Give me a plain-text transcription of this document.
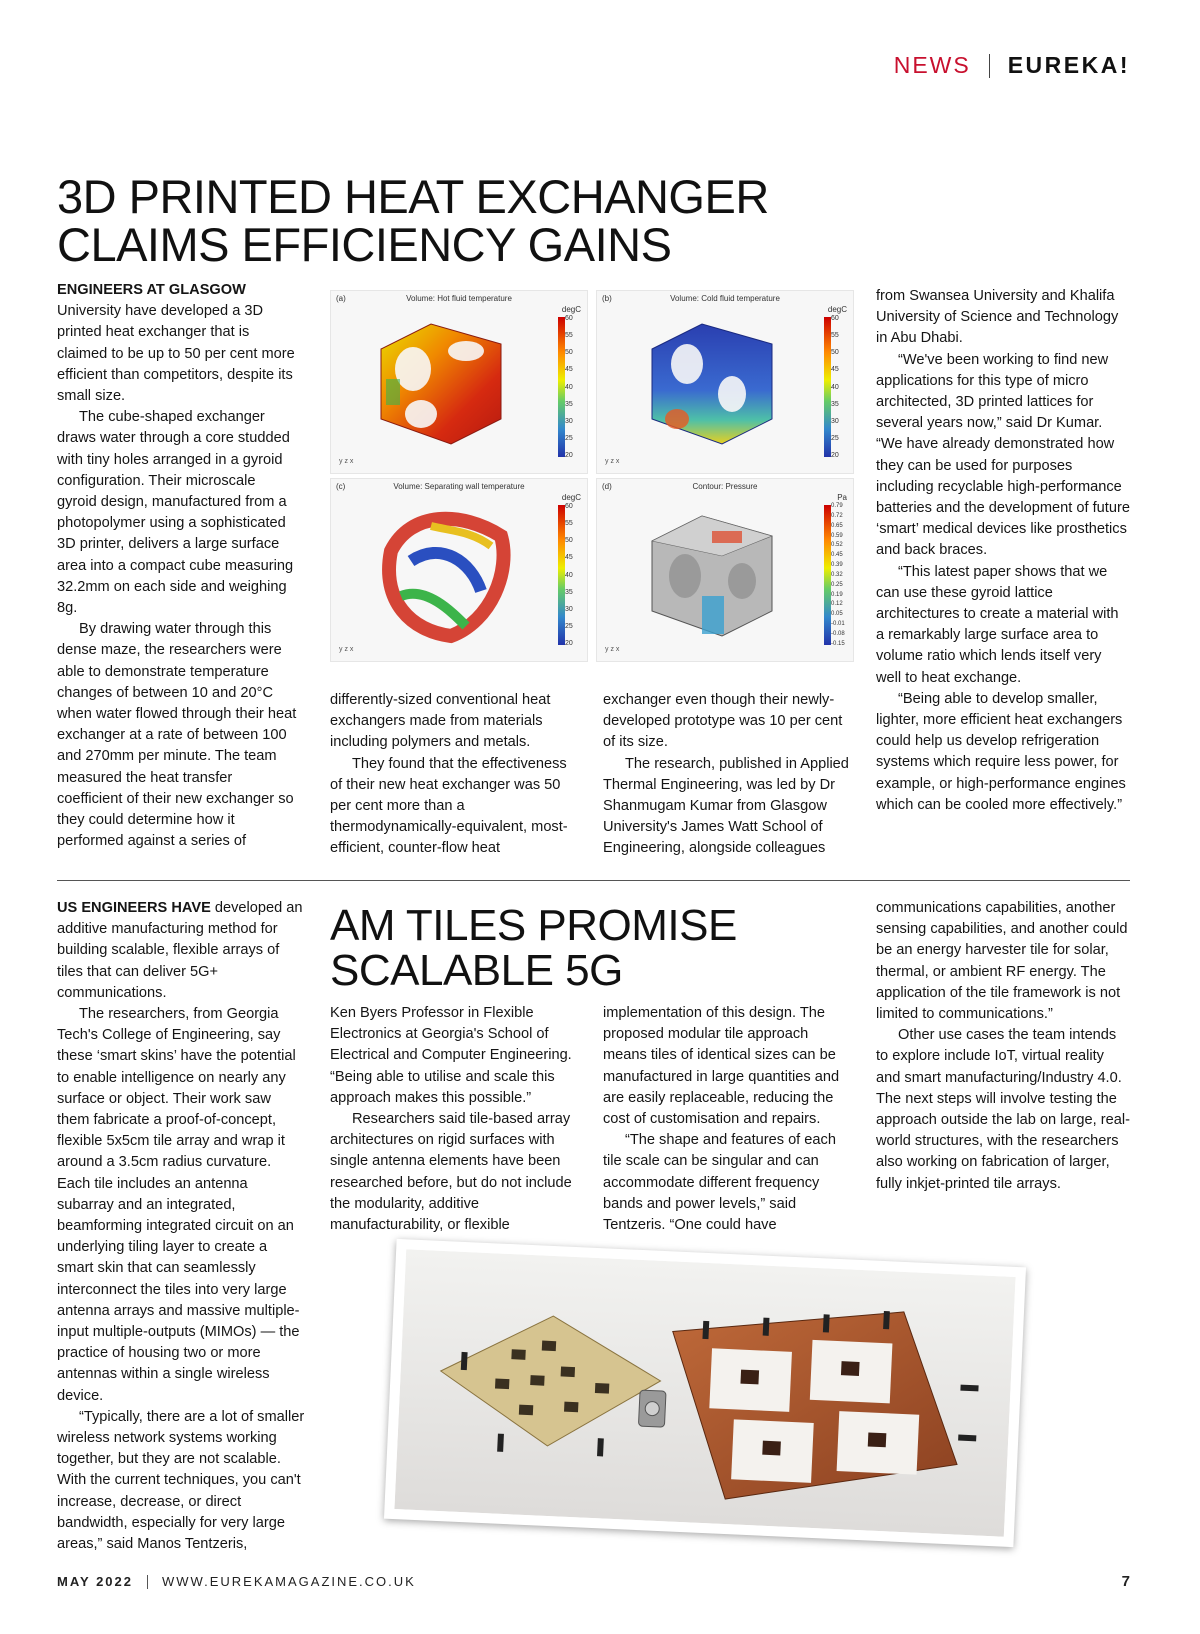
NEWS EUREKA!
3D PRINTED HEAT EXCHANGER
CLAIMS EFFICIENCY GAINS

ENGINEERS AT GLASGOW
University have developed a 3D printed heat exchanger that is claimed to be up to 50 per cent more efficient than competitors, despite its small size.

The cube-shaped exchanger draws water through a core studded with tiny holes arranged in a gyroid configuration. Their microscale gyroid design, manufactured from a photopolymer using a sophisticated 3D printer, delivers a large surface area into a compact cube measuring 32.2mm on each side and weighing 8g.

By drawing water through this dense maze, the researchers were able to demonstrate temperature changes of between 10 and 20°C when water flowed through their heat exchanger at a rate of between 100 and 270mm per minute. The team measured the heat transfer coefficient of their new exchanger so they could determine how it performed against a series of

(a)	Volume: Hot fluid temperature
degC
60
55
50
45
40
35
30
25
20
y z x
(b)	Volume: Cold fluid temperature
degC
60
55
50
45
40
35
30
25
20
y z x
(c)	Volume: Separating wall temperature
degC
60
55
50
45
40
35
30
25
20
y z x
(d)	Contour: Pressure
Pa
0.79
0.72
0.65
0.59
0.52
0.45
0.39
0.32
0.25
0.19
0.12
0.05
-0.01
-0.08
-0.15
y z x

differently-sized conventional heat exchangers made from materials including polymers and metals.

They found that the effectiveness of their new heat exchanger was 50 per cent more than a thermodynamically-equivalent, most-efficient, counter-flow heat

exchanger even though their newly-developed prototype was 10 per cent of its size.

The research, published in Applied Thermal Engineering, was led by Dr Shanmugam Kumar from Glasgow University's James Watt School of Engineering, alongside colleagues

from Swansea University and Khalifa University of Science and Technology in Abu Dhabi.

“We've been working to find new applications for this type of micro architected, 3D printed lattices for several years now,” said Dr Kumar. “We have already demonstrated how they can be used for purposes including recyclable high-performance batteries and the development of future ‘smart’ medical devices like prosthetics and back braces.

“This latest paper shows that we can use these gyroid lattice architectures to create a material with a remarkably large surface area to volume ratio which lends itself very well to heat exchange.

“Being able to develop smaller, lighter, more efficient heat exchangers could help us develop refrigeration systems which require less power, for example, or high-performance engines which can be cooled more effectively.”

AM TILES PROMISE
SCALABLE 5G

US ENGINEERS HAVE developed an additive manufacturing method for building scalable, flexible arrays of tiles that can deliver 5G+ communications.

The researchers, from Georgia Tech's College of Engineering, say these ‘smart skins’ have the potential to enable intelligence on nearly any surface or object. Their work saw them fabricate a proof-of-concept, flexible 5x5cm tile array and wrap it around a 3.5cm radius curvature. Each tile includes an antenna subarray and an integrated, beamforming integrated circuit on an underlying tiling layer to create a smart skin that can seamlessly interconnect the tiles into very large antenna arrays and massive multiple-input multiple-outputs (MIMOs) — the practice of housing two or more antennas within a single wireless device.

“Typically, there are a lot of smaller wireless network systems working together, but they are not scalable. With the current techniques, you can't increase, decrease, or direct bandwidth, especially for very large areas,” said Manos Tentzeris,

Ken Byers Professor in Flexible Electronics at Georgia's School of Electrical and Computer Engineering. “Being able to utilise and scale this approach makes this possible.”

Researchers said tile-based array architectures on rigid surfaces with single antenna elements have been researched before, but do not include the modularity, additive manufacturability, or flexible

implementation of this design. The proposed modular tile approach means tiles of identical sizes can be manufactured in large quantities and are easily replaceable, reducing the cost of customisation and repairs.

“The shape and features of each tile scale can be singular and can accommodate different frequency bands and power levels,” said Tentzeris. “One could have

communications capabilities, another sensing capabilities, and another could be an energy harvester tile for solar, thermal, or ambient RF energy. The application of the tile framework is not limited to communications.”

Other use cases the team intends to explore include IoT, virtual reality and smart manufacturing/Industry 4.0. The next steps will involve testing the approach outside the lab on large, real-world structures, with the researchers also working on fabrication of larger, fully inkjet-printed tile arrays.

MAY 2022 WWW.EUREKAMAGAZINE.CO.UK	7
